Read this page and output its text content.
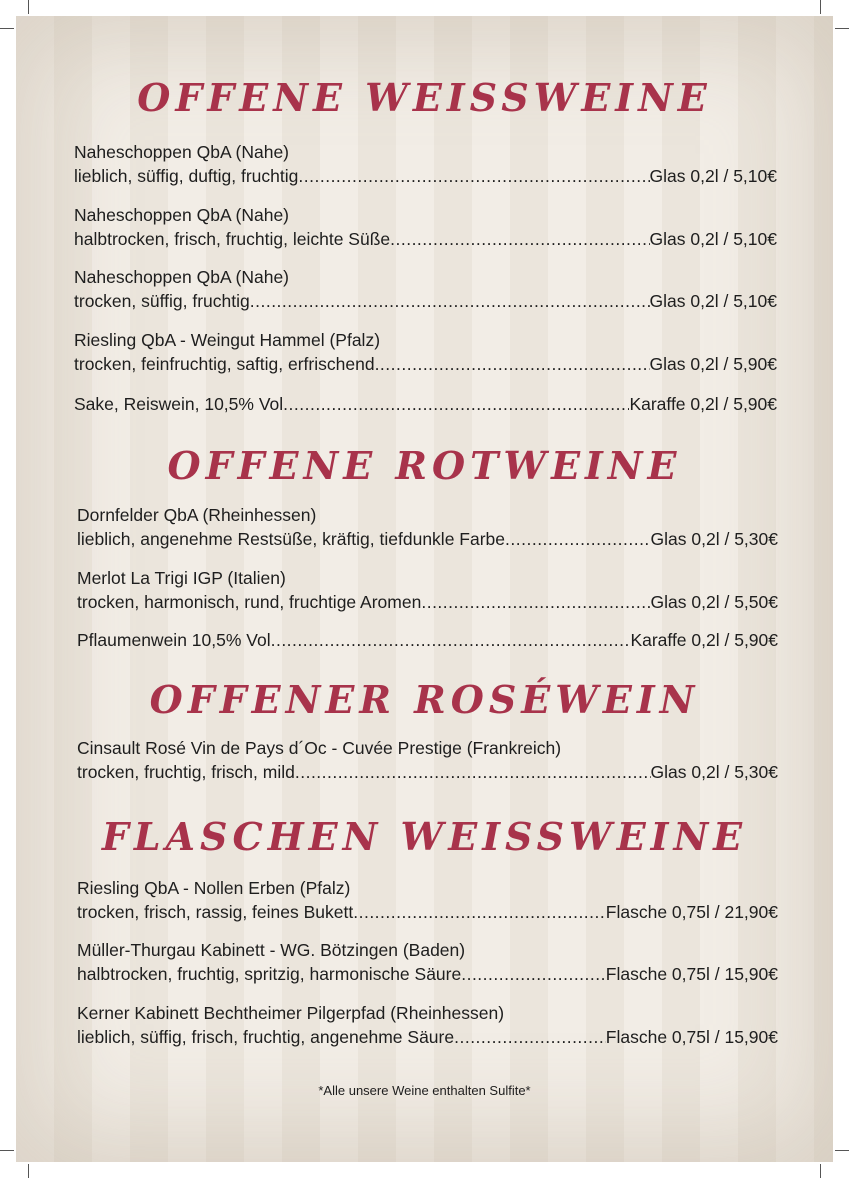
OFFENE WEISSWEINE
Naheschoppen QbA (Nahe)
lieblich, süffig, duftig, fruchtig .....	Glas 0,2l / 5,10€
Naheschoppen QbA (Nahe)
halbtrocken, frisch, fruchtig, leichte Süße .....	Glas 0,2l / 5,10€
Naheschoppen QbA (Nahe)
trocken, süffig, fruchtig .....	Glas 0,2l / 5,10€
Riesling QbA - Weingut Hammel (Pfalz)
trocken, feinfruchtig, saftig, erfrischend .....	Glas 0,2l / 5,90€
Sake, Reiswein, 10,5% Vol .....	Karaffe 0,2l / 5,90€
OFFENE ROTWEINE
Dornfelder QbA (Rheinhessen)
lieblich, angenehme Restsüße, kräftig, tiefdunkle Farbe .....	Glas 0,2l / 5,30€
Merlot La Trigi IGP (Italien)
trocken, harmonisch, rund, fruchtige Aromen .....	Glas 0,2l / 5,50€
Pflaumenwein 10,5% Vol .....	Karaffe 0,2l / 5,90€
OFFENER ROSÉWEIN
Cinsault Rosé Vin de Pays d´Oc - Cuvée Prestige (Frankreich)
trocken, fruchtig, frisch, mild .....	Glas 0,2l / 5,30€
FLASCHEN WEISSWEINE
Riesling QbA - Nollen Erben (Pfalz)
trocken, frisch, rassig, feines Bukett .....	Flasche 0,75l / 21,90€
Müller-Thurgau Kabinett - WG. Bötzingen (Baden)
halbtrocken, fruchtig, spritzig, harmonische Säure .....	Flasche 0,75l / 15,90€
Kerner Kabinett Bechtheimer Pilgerpfad (Rheinhessen)
lieblich, süffig, frisch, fruchtig, angenehme Säure .....	Flasche 0,75l / 15,90€
*Alle unsere Weine enthalten Sulfite*
